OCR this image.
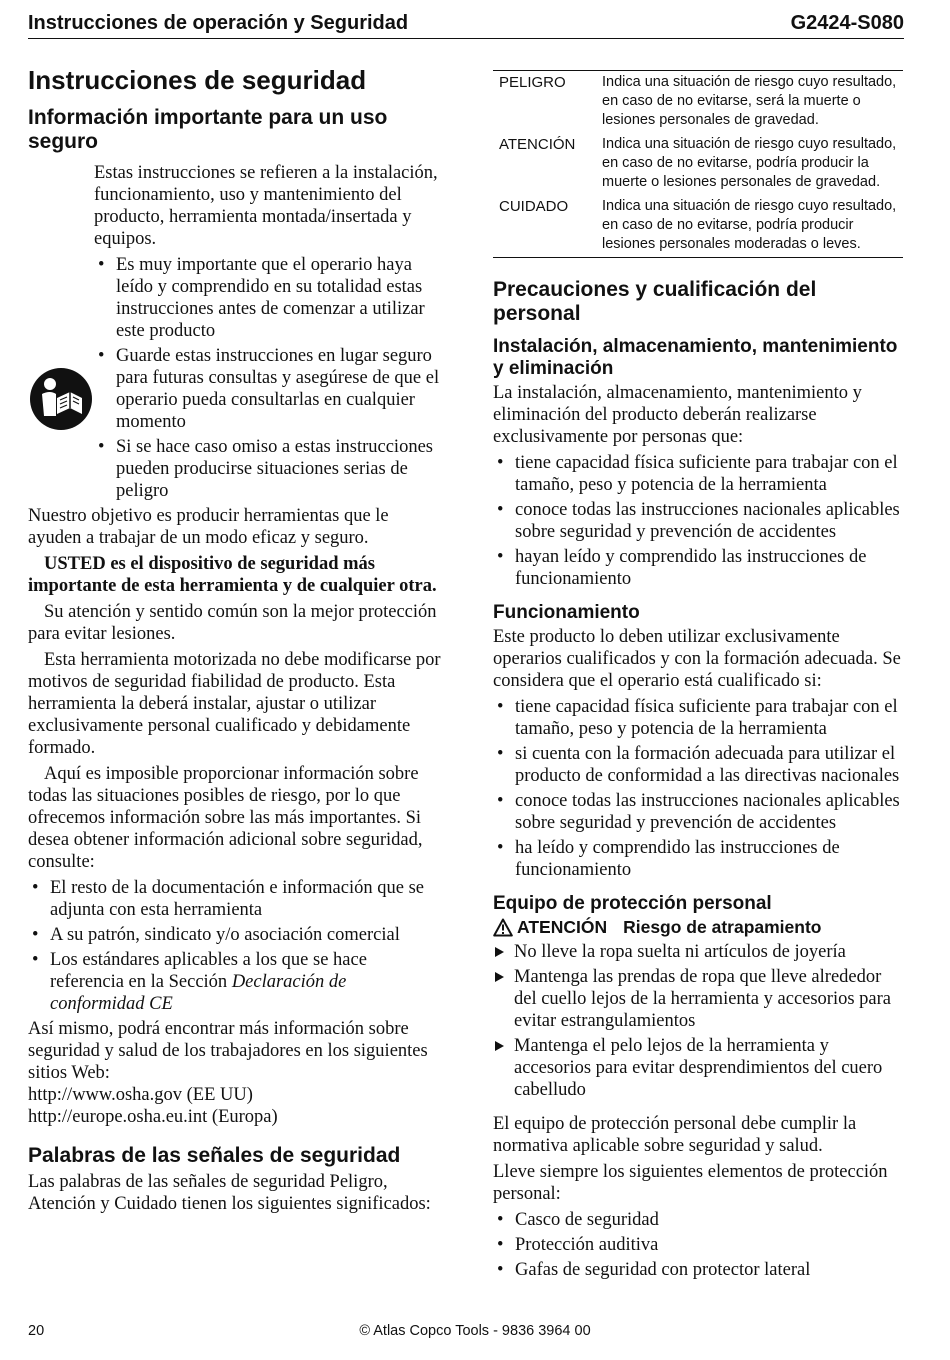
Instrucciones de operación y Seguridad	G2424-S080
Instrucciones de seguridad
Información importante para un uso seguro

Estas instrucciones se refieren a la instalación, funcionamiento, uso y mantenimiento del producto, herramienta montada/insertada y equipos.

• Es muy importante que el operario haya leído y comprendido en su totalidad estas instrucciones antes de comenzar a utilizar este producto
• Guarde estas instrucciones en lugar seguro para futuras consultas y asegúrese de que el operario pueda consultarlas en cualquier momento
• Si se hace caso omiso a estas instrucciones pueden producirse situaciones serias de peligro

Nuestro objetivo es producir herramientas que le ayuden a trabajar de un modo eficaz y seguro.

USTED es el dispositivo de seguridad más importante de esta herramienta y de cualquier otra.

Su atención y sentido común son la mejor protección para evitar lesiones.

Esta herramienta motorizada no debe modificarse por motivos de seguridad fiabilidad de producto. Esta herramienta la deberá instalar, ajustar o utilizar exclusivamente personal cualificado y debidamente formado.

Aquí es imposible proporcionar información sobre todas las situaciones posibles de riesgo, por lo que ofrecemos información sobre las más importantes. Si desea obtener información adicional sobre seguridad, consulte:

• El resto de la documentación e información que se adjunta con esta herramienta
• A su patrón, sindicato y/o asociación comercial
• Los estándares aplicables a los que se hace referencia en la Sección Declaración de conformidad CE

Así mismo, podrá encontrar más información sobre seguridad y salud de los trabajadores en los siguientes sitios Web:

http://www.osha.gov (EE UU)

http://europe.osha.eu.int (Europa)

Palabras de las señales de seguridad

Las palabras de las señales de seguridad Peligro, Atención y Cuidado tienen los siguientes significados:

PELIGRO	Indica una situación de riesgo cuyo resultado, en caso de no evitarse, será la muerte o lesiones personales de gravedad.
ATENCIÓN	Indica una situación de riesgo cuyo resultado, en caso de no evitarse, podría producir la muerte o lesiones personales de gravedad.
CUIDADO	Indica una situación de riesgo cuyo resultado, en caso de no evitarse, podría producir lesiones personales moderadas o leves.
Precauciones y cualificación del personal
Instalación, almacenamiento, mantenimiento y eliminación

La instalación, almacenamiento, mantenimiento y eliminación del producto deberán realizarse exclusivamente por personas que:

• tiene capacidad física suficiente para trabajar con el tamaño, peso y potencia de la herramienta
• conoce todas las instrucciones nacionales aplicables sobre seguridad y prevención de accidentes
• hayan leído y comprendido las instrucciones de funcionamiento
Funcionamiento

Este producto lo deben utilizar exclusivamente operarios cualificados y con la formación adecuada. Se considera que el operario está cualificado si:

• tiene capacidad física suficiente para trabajar con el tamaño, peso y potencia de la herramienta
• si cuenta con la formación adecuada para utilizar el producto de conformidad a las directivas nacionales
• conoce todas las instrucciones nacionales aplicables sobre seguridad y prevención de accidentes
• ha leído y comprendido las instrucciones de funcionamiento
Equipo de protección personal
ATENCIÓN Riesgo de atrapamiento
No lleve la ropa suelta ni artículos de joyería
Mantenga las prendas de ropa que lleve alrededor del cuello lejos de la herramienta y accesorios para evitar estrangulamientos
Mantenga el pelo lejos de la herramienta y accesorios para evitar desprendimientos del cuero cabelludo

El equipo de protección personal debe cumplir la normativa aplicable sobre seguridad y salud.

Lleve siempre los siguientes elementos de protección personal:

• Casco de seguridad
• Protección auditiva
• Gafas de seguridad con protector lateral
© Atlas Copco Tools - 9836 3964 00
20
